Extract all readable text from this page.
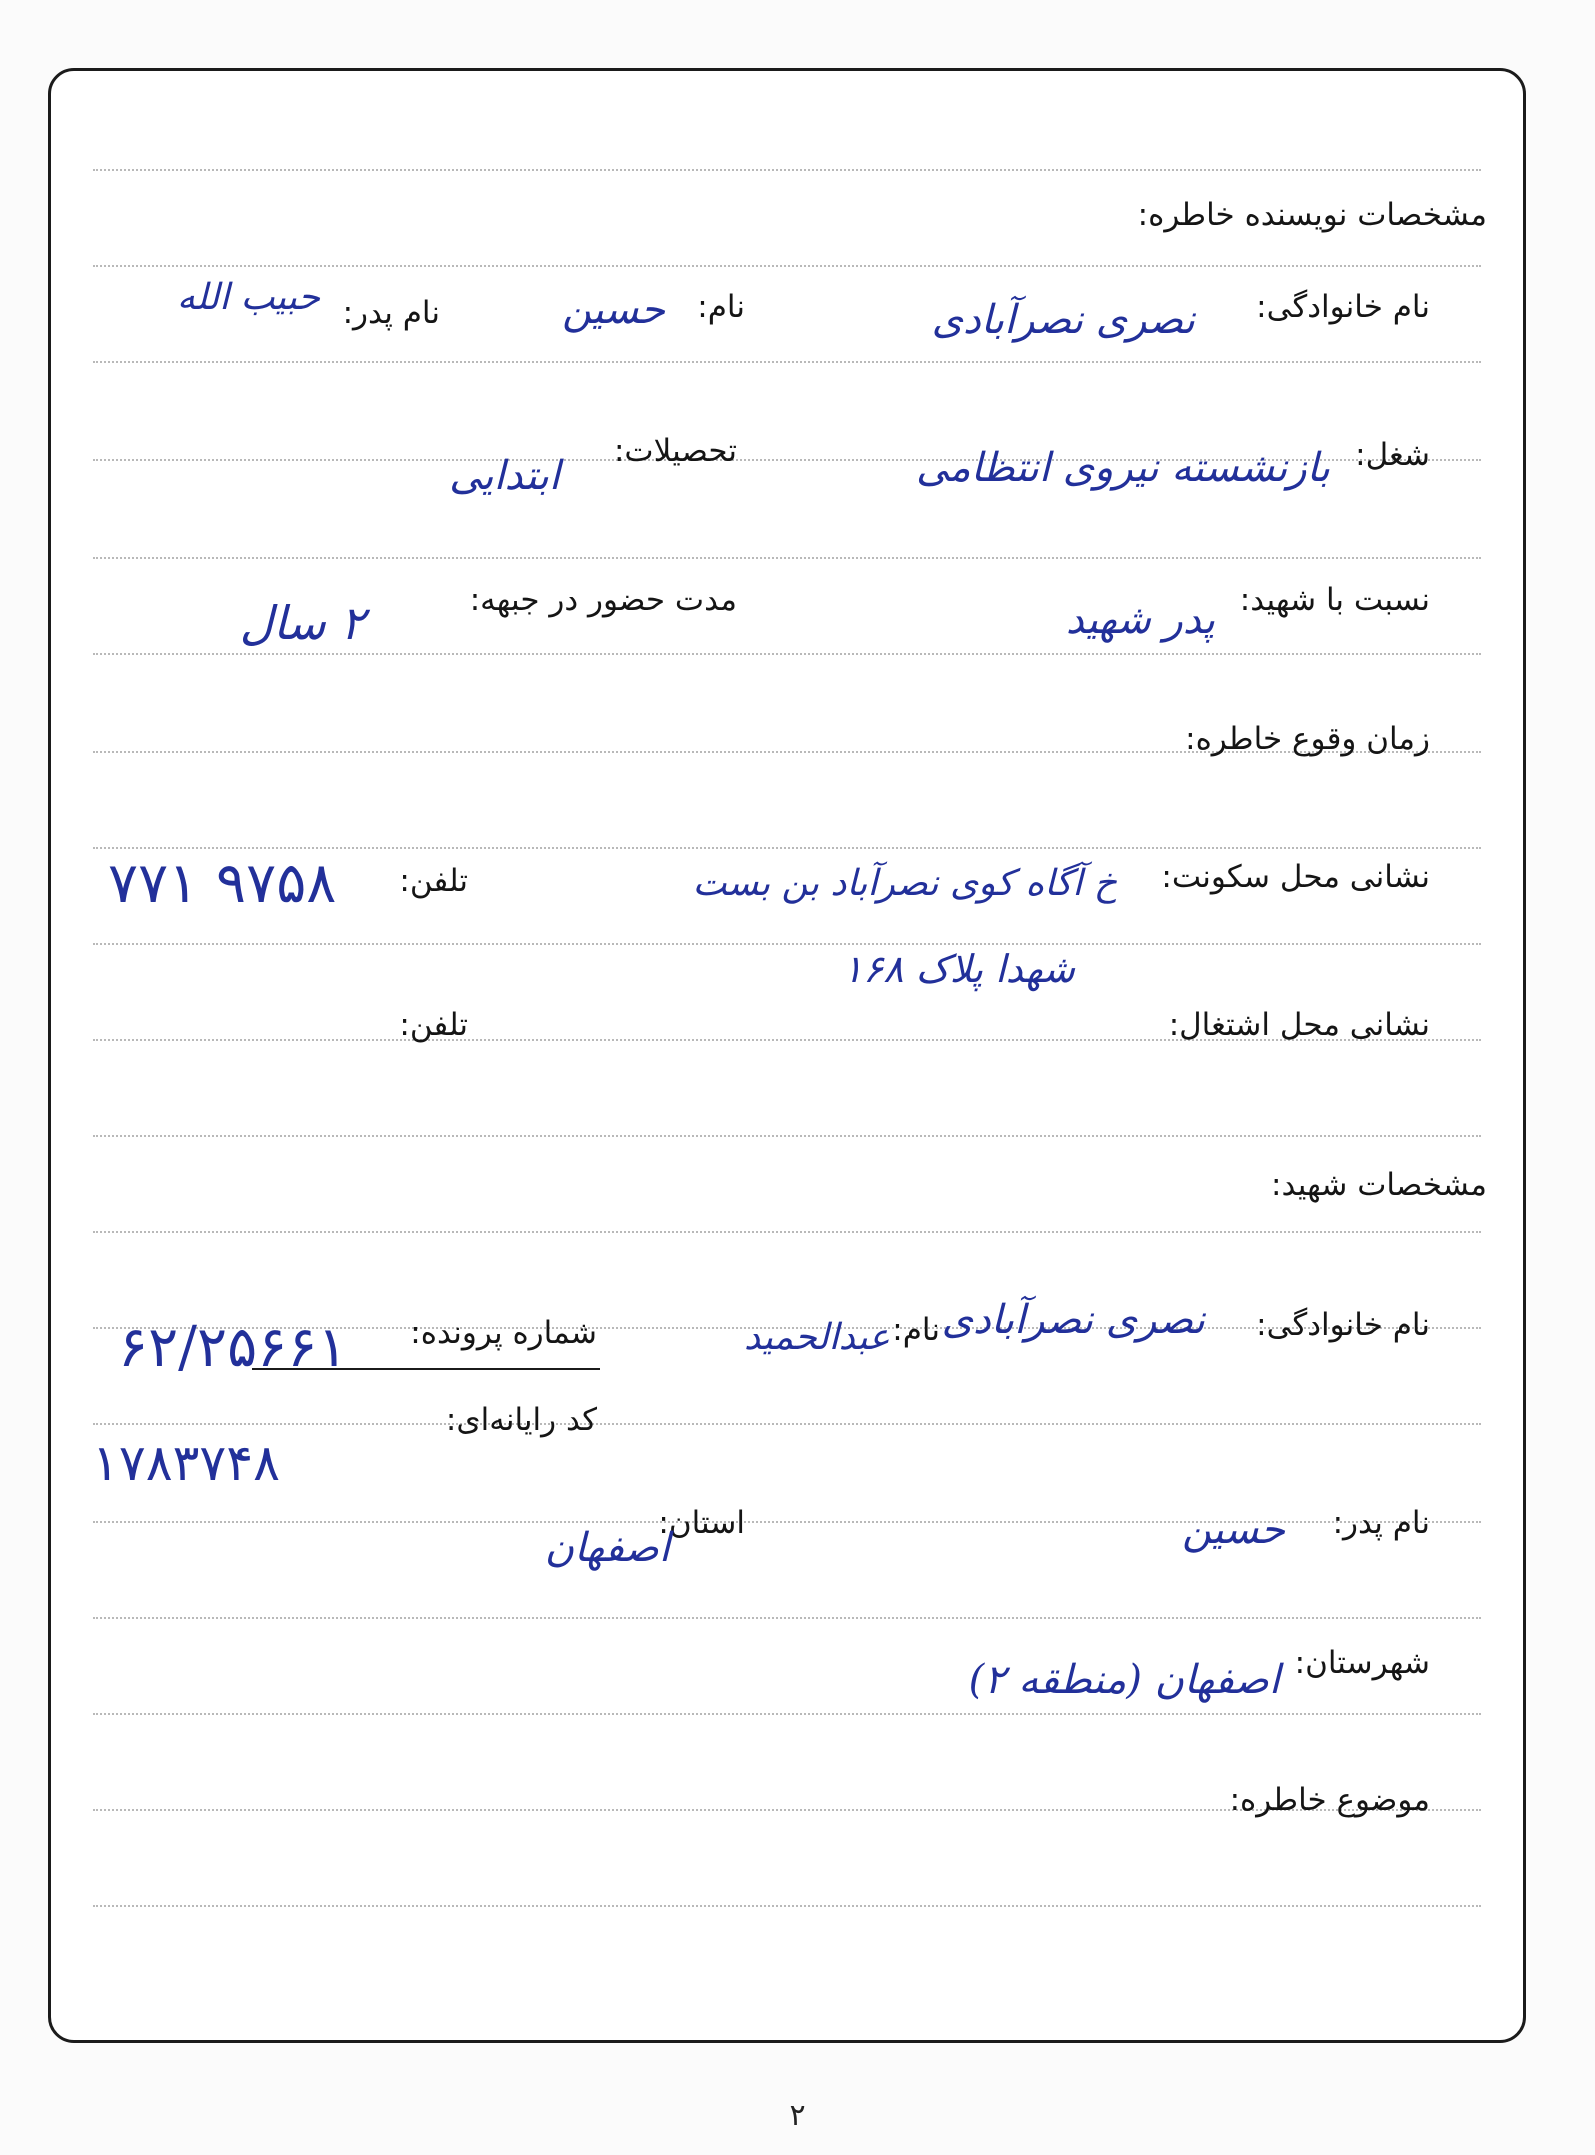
مشخصات نویسنده خاطره:
نام خانوادگی:
نصری نصرآبادی
نام:
حسین
نام پدر:
حبیب الله
شغل:
بازنشسته نیروی انتظامی
تحصیلات:
ابتدایی
نسبت با شهید:
پدر شهید
مدت حضور در جبهه:
۲ سال
زمان وقوع خاطره:
نشانی محل سکونت:
خ آگاه کوی نصرآباد بن بست
شهدا پلاک ۱۶۸
تلفن:
۷۷۱ ۹۷۵۸
نشانی محل اشتغال:
تلفن:
مشخصات شهید:
نام خانوادگی:
نصری نصرآبادی
نام:
عبدالحمید
شماره پرونده:
۶۲/۲۵۶۶۱
کد رایانه‌ای:
۱۷۸۳۷۴۸
نام پدر:
حسین
استان:
اصفهان
شهرستان:
اصفهان (منطقه ۲)
موضوع خاطره:
۲
